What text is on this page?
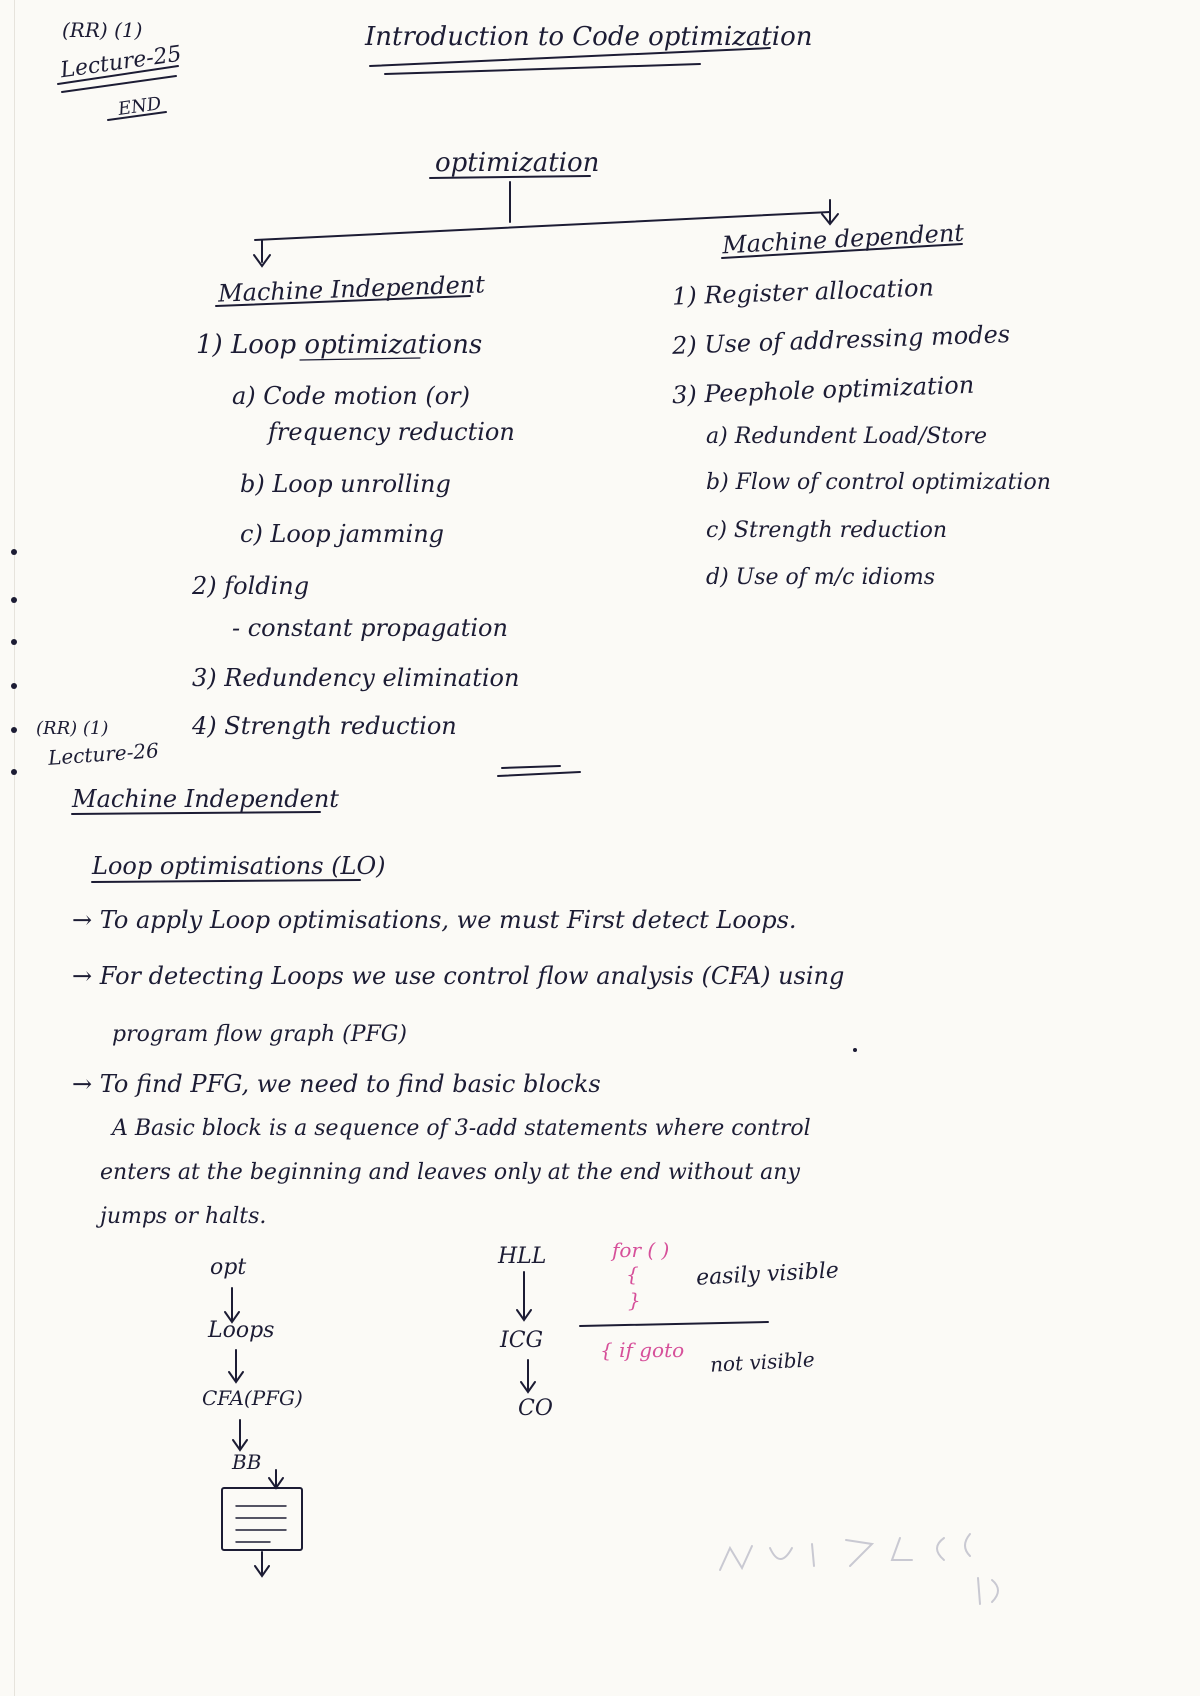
(RR) (1)
Lecture-25
END
Introduction to Code optimization
optimization
Machine dependent
Machine Independent
1) Loop optimizations
a) Code motion (or)
frequency reduction
b) Loop unrolling
c) Loop jamming
2) folding
- constant propagation
3) Redundency elimination
4) Strength reduction
1) Register allocation
2) Use of addressing modes
3) Peephole optimization
a) Redundent Load/Store
b) Flow of control optimization
c) Strength reduction
d) Use of m/c idioms
(RR) (1)
Lecture-26
Machine Independent
Loop optimisations (LO)
→ To apply Loop optimisations, we must First detect Loops.
→ For detecting Loops we use control flow analysis (CFA) using
program flow graph (PFG)
→ To find PFG, we need to find basic blocks
A Basic block is a sequence of 3-add statements where control
enters at the beginning and leaves only at the end without any
jumps or halts.
opt
Loops
CFA(PFG)
BB
HLL
ICG
CO
for ( )
{
}
{ if goto
easily visible
not visible
